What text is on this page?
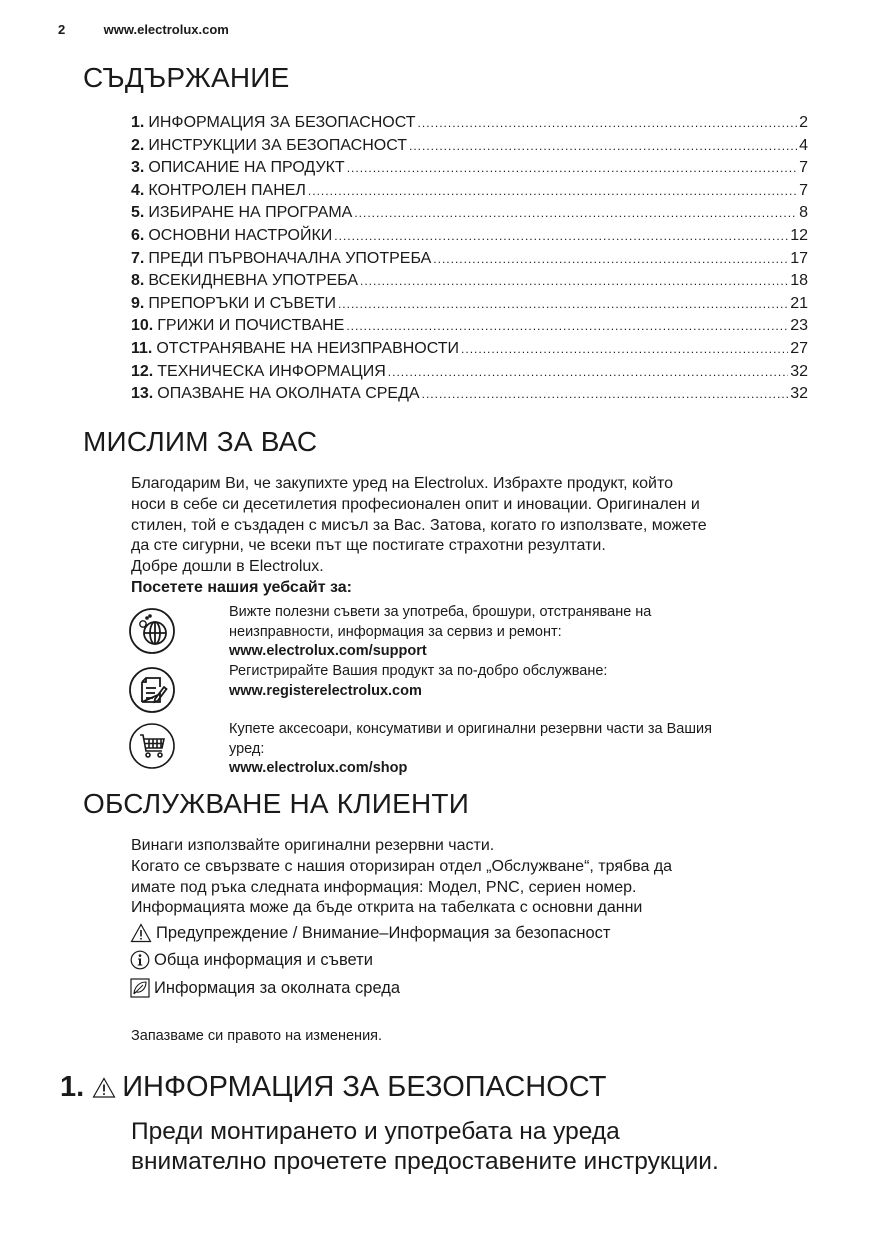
2	www.electrolux.com
СЪДЪРЖАНИЕ
1. ИНФОРМАЦИЯ ЗА БЕЗОПАСНОСТ .....	2
2. ИНСТРУКЦИИ ЗА БЕЗОПАСНОСТ .....	4
3. ОПИСАНИЕ НА ПРОДУКТ .....	7
4. КОНТРОЛЕН ПАНЕЛ .....	7
5. ИЗБИРАНЕ НА ПРОГРАМА .....	8
6. ОСНОВНИ НАСТРОЙКИ .....	12
7. ПРЕДИ ПЪРВОНАЧАЛНА УПОТРЕБА .....	17
8. ВСЕКИДНЕВНА УПОТРЕБА .....	18
9. ПРЕПОРЪКИ И СЪВЕТИ .....	21
10. ГРИЖИ И ПОЧИСТВАНЕ .....	23
11. ОТСТРАНЯВАНЕ НА НЕИЗПРАВНОСТИ .....	27
12. ТЕХНИЧЕСКА ИНФОРМАЦИЯ .....	32
13. ОПАЗВАНЕ НА ОКОЛНАТА СРЕДА .....	32
МИСЛИМ ЗА ВАС
Благодарим Ви, че закупихте уред на Electrolux. Избрахте продукт, който
носи в себе си десетилетия професионален опит и иновации. Оригинален и
стилен, той е създаден с мисъл за Вас. Затова, когато го използвате, можете
да сте сигурни, че всеки път ще постигате страхотни резултати.
Добре дошли в Electrolux.
Посетете нашия уебсайт за:
Вижте полезни съвети за употреба, брошури, отстраняване на
неизправности, информация за сервиз и ремонт:
www.electrolux.com/support
Регистрирайте Вашия продукт за по-добро обслужване:
www.registerelectrolux.com
Купете аксесоари, консумативи и оригинални резервни части за Вашия
уред:
www.electrolux.com/shop
ОБСЛУЖВАНЕ НА КЛИЕНТИ
Винаги използвайте оригинални резервни части.
Когато се свързвате с нашия оторизиран отдел „Обслужване“, трябва да
имате под ръка следната информация: Модел, PNC, сериен номер.
Информацията може да бъде открита на табелката с основни данни
Предупреждение / Внимание–Информация за безопасност
Обща информация и съвети
Информация за околната среда
Запазваме си правото на изменения.
1. ИНФОРМАЦИЯ ЗА БЕЗОПАСНОСТ
Преди монтирането и употребата на уреда
внимателно прочетете предоставените инструкции.
